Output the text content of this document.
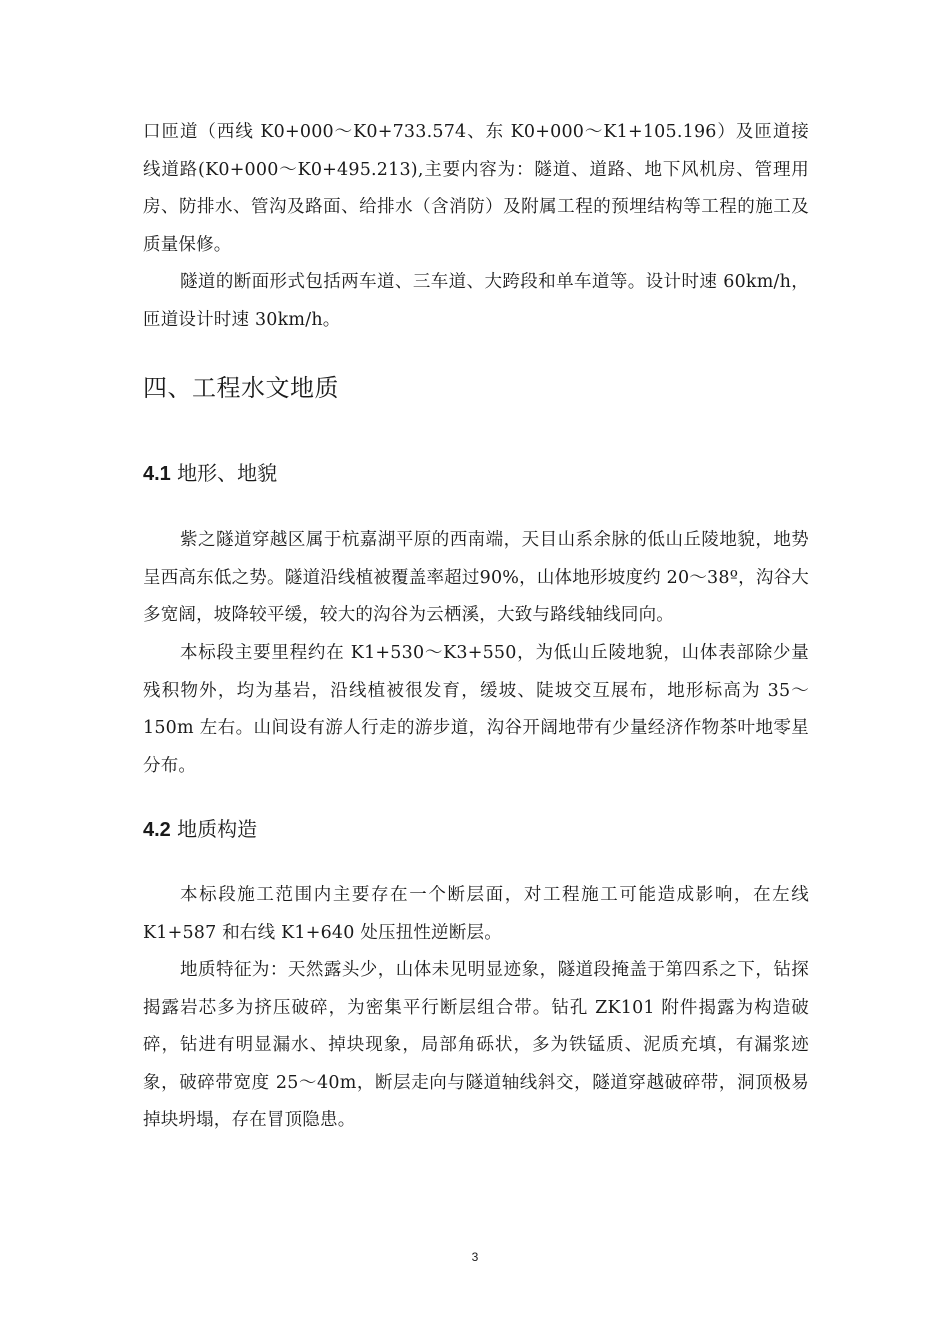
口匝道（西线 K0+000～K0+733.574、东 K0+000～K1+105.196）及匝道接线道路(K0+000～K0+495.213),主要内容为：隧道、道路、地下风机房、管理用房、防排水、管沟及路面、给排水（含消防）及附属工程的预埋结构等工程的施工及质量保修。

隧道的断面形式包括两车道、三车道、大跨段和单车道等。设计时速 60km/h，匝道设计时速 30km/h。

四、工程水文地质
4.1 地形、地貌

紫之隧道穿越区属于杭嘉湖平原的西南端，天目山系余脉的低山丘陵地貌，地势呈西高东低之势。隧道沿线植被覆盖率超过90%，山体地形坡度约 20～38º，沟谷大多宽阔，坡降较平缓，较大的沟谷为云栖溪，大致与路线轴线同向。

本标段主要里程约在 K1+530～K3+550，为低山丘陵地貌，山体表部除少量残积物外，均为基岩，沿线植被很发育，缓坡、陡坡交互展布，地形标高为 35～150m 左右。山间设有游人行走的游步道，沟谷开阔地带有少量经济作物茶叶地零星分布。

4.2 地质构造

本标段施工范围内主要存在一个断层面，对工程施工可能造成影响，在左线 K1+587 和右线 K1+640 处压扭性逆断层。

地质特征为：天然露头少，山体未见明显迹象，隧道段掩盖于第四系之下，钻探揭露岩芯多为挤压破碎，为密集平行断层组合带。钻孔 ZK101 附件揭露为构造破碎，钻进有明显漏水、掉块现象，局部角砾状，多为铁锰质、泥质充填，有漏浆迹象，破碎带宽度 25～40m，断层走向与隧道轴线斜交，隧道穿越破碎带，洞顶极易掉块坍塌，存在冒顶隐患。

3
